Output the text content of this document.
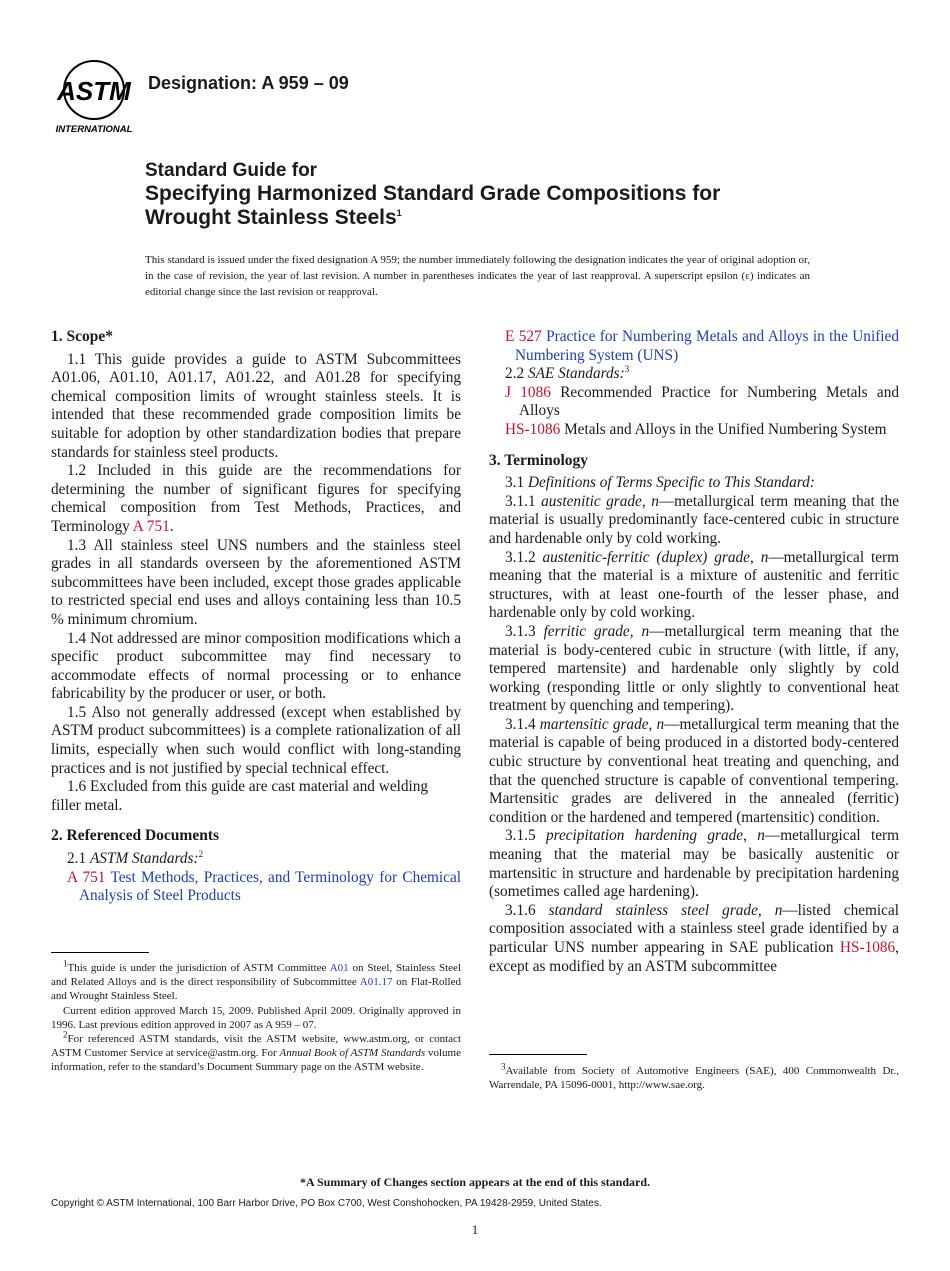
ASTM
INTERNATIONAL
Designation: A 959 – 09
Standard Guide for
Specifying Harmonized Standard Grade Compositions for
Wrought Stainless Steels$^1$
This standard is issued under the fixed designation A 959; the number immediately following the designation indicates the year of original adoption or, in the case of revision, the year of last revision. A number in parentheses indicates the year of last reapproval. A superscript epsilon (ε) indicates an editorial change since the last revision or reapproval.
1. Scope*

1.1 This guide provides a guide to ASTM Subcommittees A01.06, A01.10, A01.17, A01.22, and A01.28 for specifying chemical composition limits of wrought stainless steels. It is intended that these recommended grade composition limits be suitable for adoption by other standardization bodies that prepare standards for stainless steel products.

1.2 Included in this guide are the recommendations for determining the number of significant figures for specifying chemical composition from Test Methods, Practices, and Terminology A 751.

1.3 All stainless steel UNS numbers and the stainless steel grades in all standards overseen by the aforementioned ASTM subcommittees have been included, except those grades applicable to restricted special end uses and alloys containing less than 10.5 % minimum chromium.

1.4 Not addressed are minor composition modifications which a specific product subcommittee may find necessary to accommodate effects of normal processing or to enhance fabricability by the producer or user, or both.

1.5 Also not generally addressed (except when established by ASTM product subcommittees) is a complete rationalization of all limits, especially when such would conflict with long-standing practices and is not justified by special technical effect.

1.6 Excluded from this guide are cast material and welding filler metal.

2. Referenced Documents

2.1 ASTM Standards:$^2$

A 751 Test Methods, Practices, and Terminology for Chemical Analysis of Steel Products

E 527 Practice for Numbering Metals and Alloys in the Unified Numbering System (UNS)

2.2 SAE Standards:$^3$

J 1086 Recommended Practice for Numbering Metals and Alloys

HS-1086 Metals and Alloys in the Unified Numbering System

3. Terminology

3.1 Definitions of Terms Specific to This Standard:

3.1.1 austenitic grade, n—metallurgical term meaning that the material is usually predominantly face-centered cubic in structure and hardenable only by cold working.

3.1.2 austenitic-ferritic (duplex) grade, n—metallurgical term meaning that the material is a mixture of austenitic and ferritic structures, with at least one-fourth of the lesser phase, and hardenable only by cold working.

3.1.3 ferritic grade, n—metallurgical term meaning that the material is body-centered cubic in structure (with little, if any, tempered martensite) and hardenable only slightly by cold working (responding little or only slightly to conventional heat treatment by quenching and tempering).

3.1.4 martensitic grade, n—metallurgical term meaning that the material is capable of being produced in a distorted body-centered cubic structure by conventional heat treating and quenching, and that the quenched structure is capable of conventional tempering. Martensitic grades are delivered in the annealed (ferritic) condition or the hardened and tempered (martensitic) condition.

3.1.5 precipitation hardening grade, n—metallurgical term meaning that the material may be basically austenitic or martensitic in structure and hardenable by precipitation hardening (sometimes called age hardening).

3.1.6 standard stainless steel grade, n—listed chemical composition associated with a stainless steel grade identified by a particular UNS number appearing in SAE publication HS-1086, except as modified by an ASTM subcommittee

$^1$This guide is under the jurisdiction of ASTM Committee A01 on Steel, Stainless Steel and Related Alloys and is the direct responsibility of Subcommittee A01.17 on Flat-Rolled and Wrought Stainless Steel.

Current edition approved March 15, 2009. Published April 2009. Originally approved in 1996. Last previous edition approved in 2007 as A 959 – 07.

$^2$For referenced ASTM standards, visit the ASTM website, www.astm.org, or contact ASTM Customer Service at service@astm.org. For Annual Book of ASTM Standards volume information, refer to the standard’s Document Summary page on the ASTM website.	$^3$Available from Society of Automotive Engineers (SAE), 400 Commonwealth Dr., Warrendale, PA 15096-0001, http://www.sae.org.

*A Summary of Changes section appears at the end of this standard.
Copyright © ASTM International, 100 Barr Harbor Drive, PO Box C700, West Conshohocken, PA 19428-2959, United States.
1
